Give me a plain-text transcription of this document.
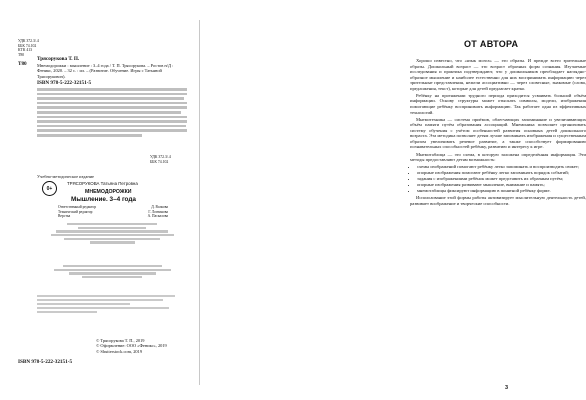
УДК 372.3/.4
ББК 74.102
КТК 413
Т80
Т80
Трясорукова Т. П.
Мнемодорожки : мышление : 3–4 года / Т. П. Трясорукова. – Ростов н/Д : Феникс, 2020. – 32 с. : ил. – (Развитие. Обучение. Игры с Татьяной Трясорукович).
ISBN 978-5-222-32151-5
УДК 372.3/.4
ББК 74.102
Учебно-методическое издание
0+
ТРЯСОРУКОВА Татьяна Петровна
МНЕМОДОРОЖКИ
Мышление. 3–4 года
Ответственный редактор	Д. Волкова
Технический редактор	Г. Логвинова
Верстка	А. Паскалова
© Трясорукова Т. П., 2019
© Оформление: ООО «Феникс», 2019
© Shutterstock.com, 2019
ISBN 978-5-222-32151-5
ОТ АВТОРА

Хорошо известно, что «язык мозга» — это образы. И прежде всего зрительные образы. Дошкольный возраст — это возраст образных форм сознания. Изучаемые исследования и практика подтверждают, что у дошкольников преобладает наглядно-образное мышление и наиболее естественно для них воспринимать информацию через зрительные представления, нежели ассоциативно — через словесные, знакомые (слова, предложения, текст), которые для детей предлагает кратко.

Ребёнку на протяжении трудного периода приходится усваивать большой объём информации. Основу структуры может отыскать символы, модели, изображения помогающие ребёнку воспринимать информацию. Так работает одна из эффективных технологий.

Мнемотехника — система приёмов, облегчающих запоминание и увеличивающих объём памяти путём образования ассоциаций. Мнемоника позволяет организовать систему обучения с учётом особенностей развития основных детей дошкольного возраста. Эта методика позволяет детям лучше запоминать изображения и существенным образом увеличивать речевое развитие, а также способствует формированию познавательных способностей ребёнку, развитию и интересу к игре.

Мнемотаблица — это схема, в которую заложена определённая информация. Эти методы предоставляют детям возможность:

• схемы изображений помогают ребёнку легко запоминать и воспроизводить сюжет;
• опорные изображения помогают ребёнку легко запоминать порядок событий;
• задания с изображениями ребёнок может представить их образным путём;
• опорные изображения развивают мышление, внимание и память;
• мнемотаблицы фиксируют информацию в понятной ребёнку форме.

Использование этой формы работы активизирует мыслительную деятельность детей, развивает воображение и творческие способности.

3
